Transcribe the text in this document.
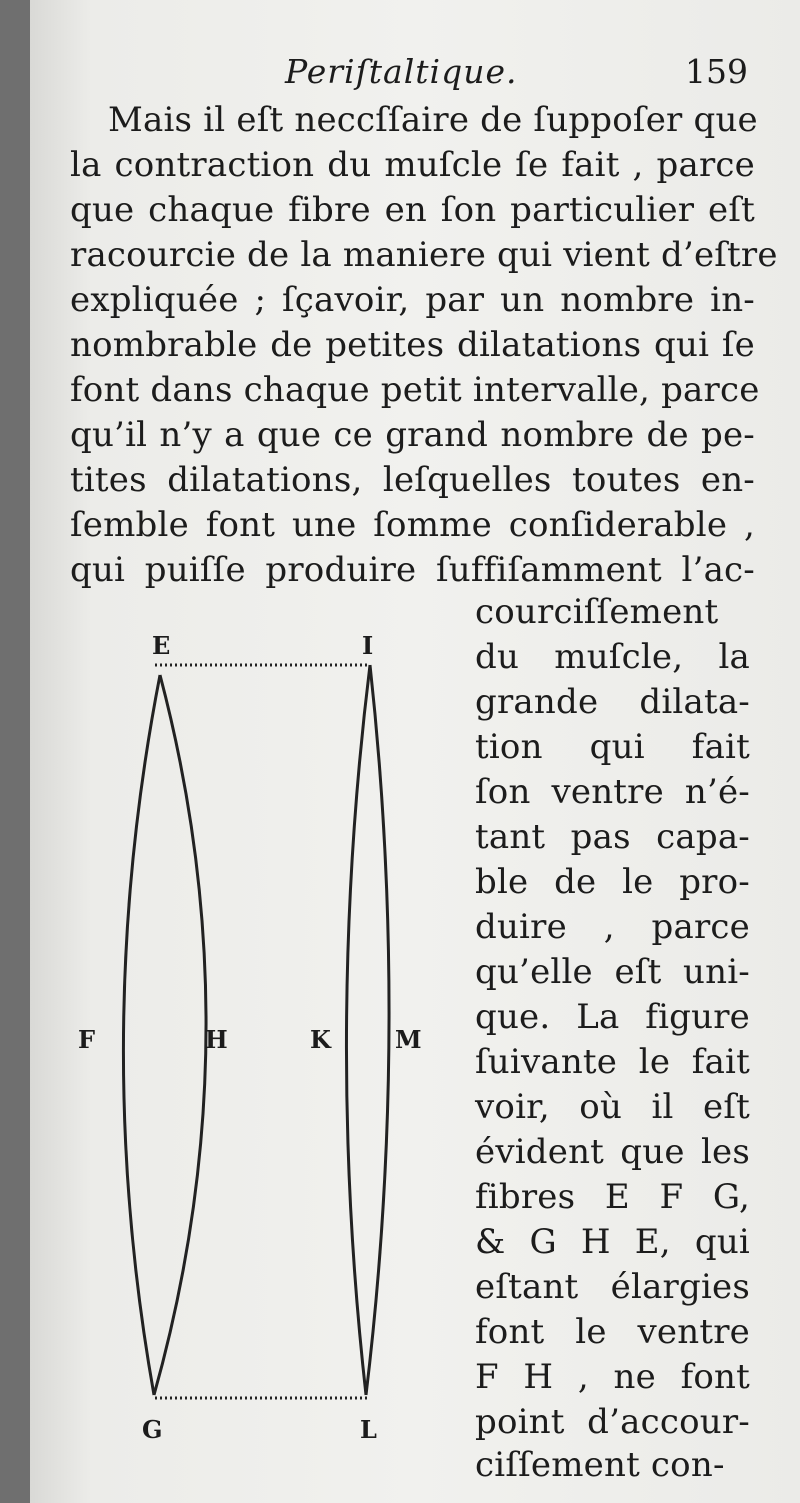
Periſtaltique.	159
Mais il eſt neccſſaire de ſuppoſer que
la contraction du muſcle ſe fait , parce
que chaque fibre en ſon particulier eſt
racourcie de la maniere qui vient d’eſtre
expliquée ; ſçavoir, par un nombre in-
nombrable de petites dilatations qui ſe
font dans chaque petit intervalle, parce
qu’il n’y a que ce grand nombre de pe-
tites dilatations, leſquelles toutes en-
ſemble font une ſomme conſiderable ,
qui puiſſe produire ſuffiſamment l’ac-
courciſſement
du muſcle, la
grande dilata-
tion qui fait
ſon ventre n’é-
tant pas capa-
ble de le pro-
duire , parce
qu’elle eſt uni-
que. La figure
ſuivante le fait
voir, où il eſt
évident que les
fibres E F G,
& G H E, qui
eſtant élargies
font le ventre
F H , ne font
point d’accour-
ciſſement con-
E	I
F	H	K	M
G	L
